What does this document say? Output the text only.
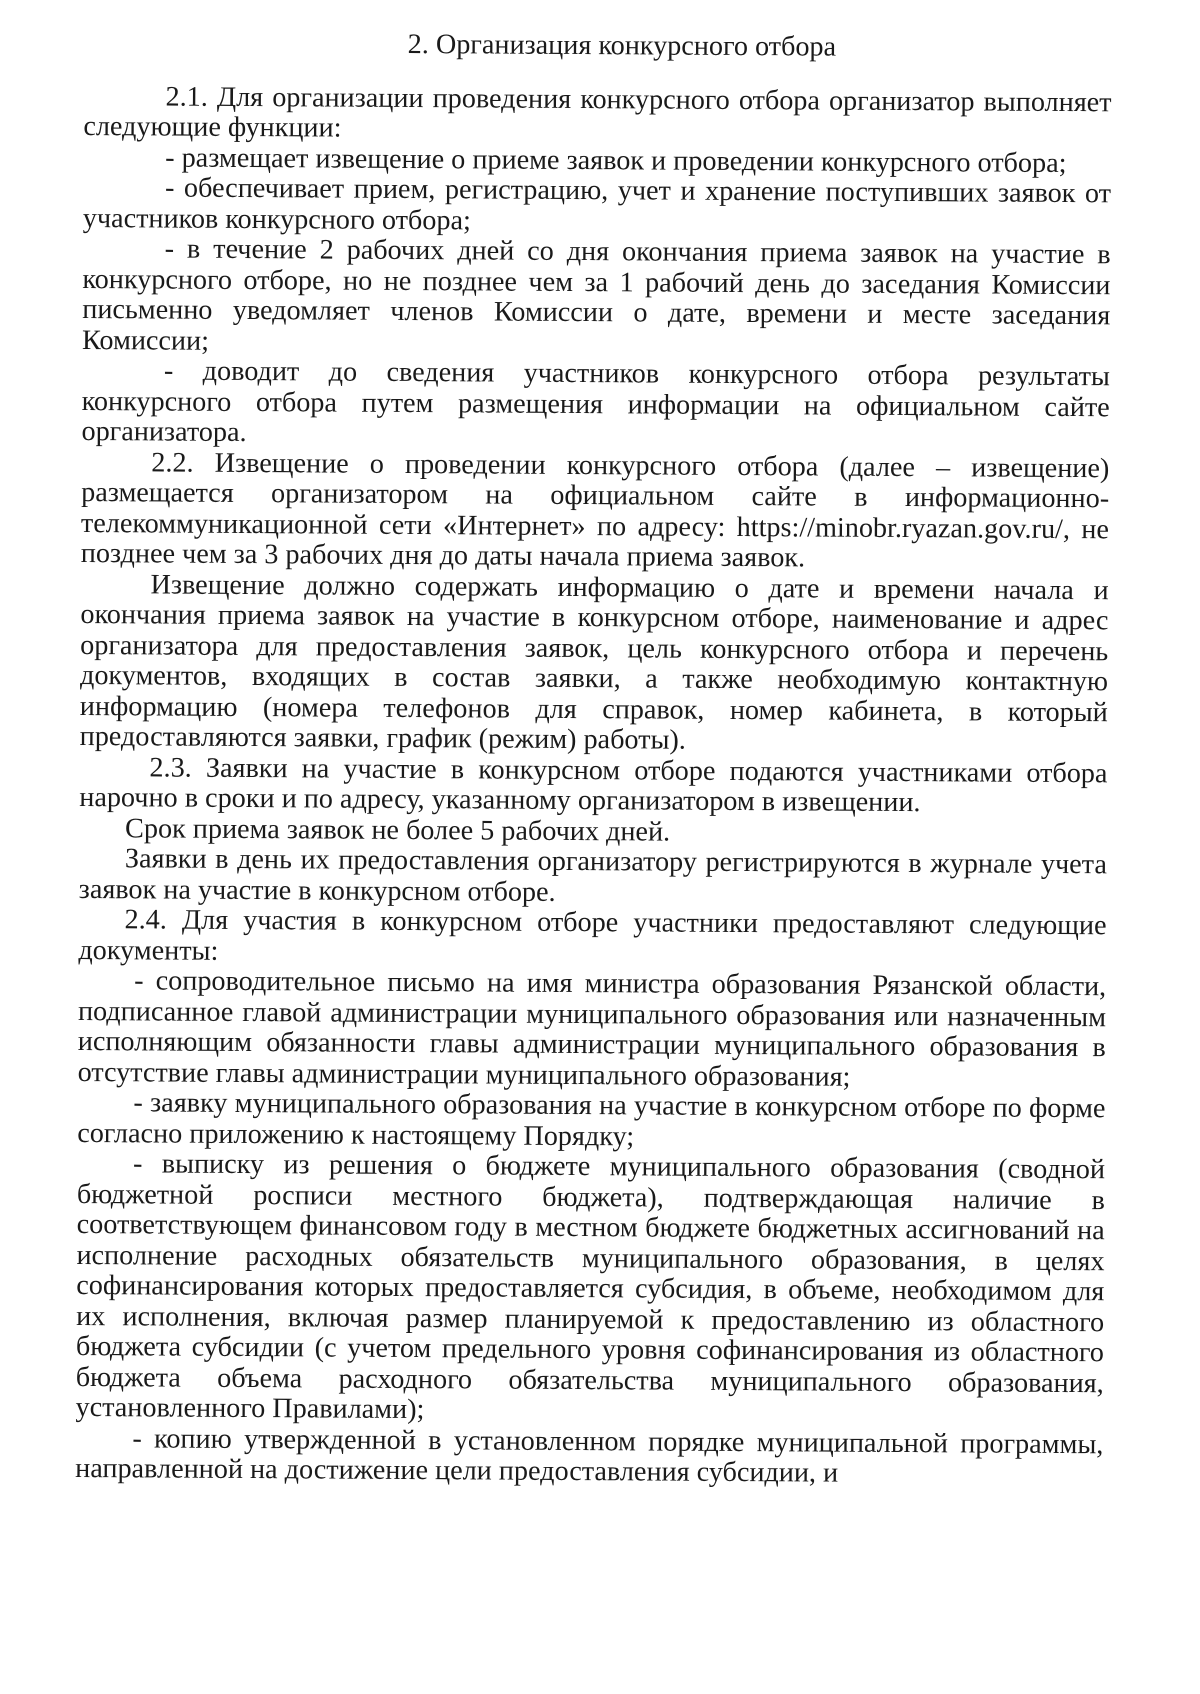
2. Организация конкурсного отбора

2.1. Для организации проведения конкурсного отбора организатор выполняет следующие функции:

- размещает извещение о приеме заявок и проведении конкурсного отбора;

- обеспечивает прием, регистрацию, учет и хранение поступивших заявок от участников конкурсного отбора;

- в течение 2 рабочих дней со дня окончания приема заявок на участие в конкурсного отборе, но не позднее чем за 1 рабочий день до заседания Комиссии письменно уведомляет членов Комиссии о дате, времени и месте заседания Комиссии;

- доводит до сведения участников конкурсного отбора результаты конкурсного отбора путем размещения информации на официальном сайте организатора.

2.2. Извещение о проведении конкурсного отбора (далее – извещение) размещается организатором на официальном сайте в информационно-телекоммуникационной сети «Интернет» по адресу: https://minobr.ryazan.gov.ru/, не позднее чем за 3 рабочих дня до даты начала приема заявок.

Извещение должно содержать информацию о дате и времени начала и окончания приема заявок на участие в конкурсном отборе, наименование и адрес организатора для предоставления заявок, цель конкурсного отбора и перечень документов, входящих в состав заявки, а также необходимую контактную информацию (номера телефонов для справок, номер кабинета, в который предоставляются заявки, график (режим) работы).

2.3. Заявки на участие в конкурсном отборе подаются участниками отбора нарочно в сроки и по адресу, указанному организатором в извещении.

Срок приема заявок не более 5 рабочих дней.

Заявки в день их предоставления организатору регистрируются в журнале учета заявок на участие в конкурсном отборе.

2.4. Для участия в конкурсном отборе участники предоставляют следующие документы:

- сопроводительное письмо на имя министра образования Рязанской области, подписанное главой администрации муниципального образования или назначенным исполняющим обязанности главы администрации муниципального образования в отсутствие главы администрации муниципального образования;

- заявку муниципального образования на участие в конкурсном отборе по форме согласно приложению к настоящему Порядку;

- выписку из решения о бюджете муниципального образования (сводной бюджетной росписи местного бюджета), подтверждающая наличие в соответствующем финансовом году в местном бюджете бюджетных ассигнований на исполнение расходных обязательств муниципального образования, в целях софинансирования которых предоставляется субсидия, в объеме, необходимом для их исполнения, включая размер планируемой к предоставлению из областного бюджета субсидии (с учетом предельного уровня софинансирования из областного бюджета объема расходного обязательства муниципального образования, установленного Правилами);

- копию утвержденной в установленном порядке муниципальной программы, направленной на достижение цели предоставления субсидии, и
